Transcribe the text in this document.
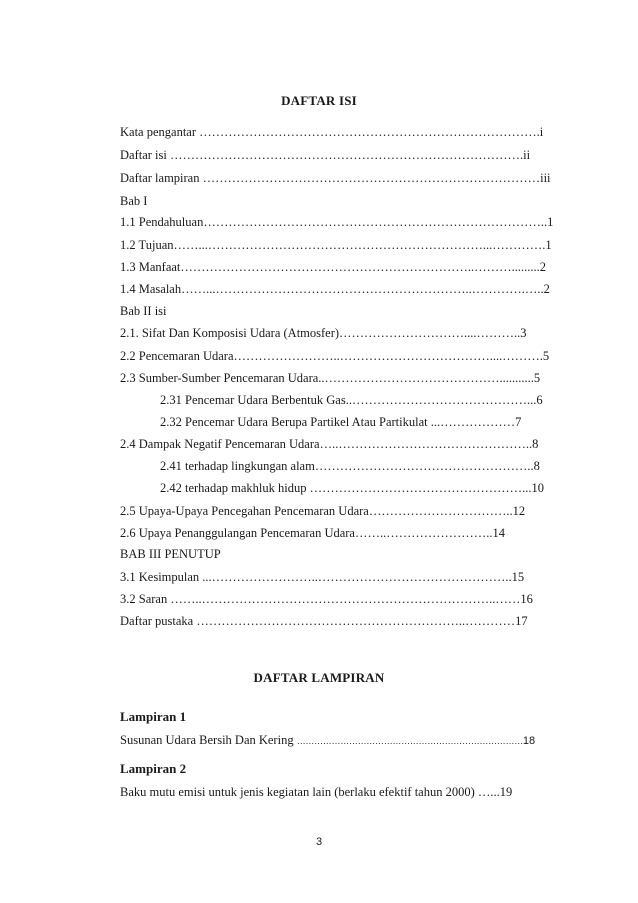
DAFTAR ISI
Kata pengantar ……………………………………………………………………….i
Daftar isi ………………………………………………………………………….ii
Daftar lampiran ………………………………………………………………………iii
Bab I
1.1 Pendahuluan………………………………………………………………………..1
1.2 Tujuan……...…………………………………………………………...………….1
1.3 Manfaat……………………………………………………………..……….........2
1.4 Masalah……...……………………………………………………..………….…..2
Bab II isi
2.1. Sifat Dan Komposisi Udara (Atmosfer)…………………………....………..3
2.2 Pencemaran Udara……………………..………………………………....……….5
2.3 Sumber-Sumber Pencemaran Udara..……………………………………...........5
2.31 Pencemar Udara Berbentuk Gas..……………………………………...6
2.32 Pencemar Udara Berupa Partikel Atau Partikulat ...………………7
2.4 Dampak Negatif Pencemaran Udara…..………………………………………..8
2.41 terhadap lingkungan alam……………………………………………..8
2.42 terhadap makhluk hidup ……………………………………………...10
2.5 Upaya-Upaya Pencegahan Pencemaran Udara……………………………..12
2.6 Upaya Penanggulangan Pencemaran Udara……..……………………..14
BAB III PENUTUP
3.1 Kesimpulan ...……………………..………………………………………..15
3.2 Saran ……..……………………………………………………………..……16
Daftar pustaka ………………………………………………………..…………17
DAFTAR LAMPIRAN
Lampiran 1
Susunan Udara Bersih Dan Kering ……………………………………………………………………18
Lampiran 2
Baku mutu emisi untuk jenis kegiatan lain (berlaku efektif tahun 2000) …...19
3
